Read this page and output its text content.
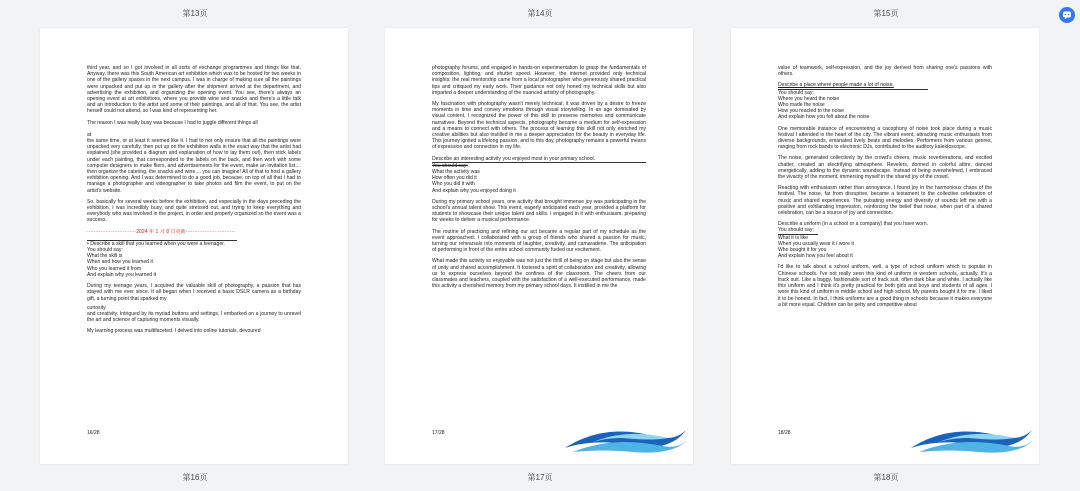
第13页	第14页	第15页

third year, and so I got involved in all sorts of exchange programmes and things like that. Anyway, there was this South American art exhibition which was to be hosted for two weeks in one of the gallery spaces in the next campus. I was in charge of making sure all the paintings were unpacked and put up in the gallery after the shipment arrived at the department, and advertising the exhibition, and organizing the opening event. You see, there's always an opening event at art exhibitions, where you provide wine and snacks and there's a little talk and an introduction to the artist and some of their paintings, and all of that. You see, the artist herself could not attend, so I was kind of representing her.

The reason I was really busy was because I had to juggle different things all

at

the same time, or at least it seemed like it. I had to not only ensure that all the paintings were unpacked very carefully, then put up on the exhibition walls in the exact way that the artist had explained (she provided a diagram and explanation of how to lay them out), then stick labels under each painting, that corresponded to the labels on the back, and then work with some computer designers to make fliers, and advertisements for the event, make an invitation list.... then organize the catering, the snacks and wine.... you can imagine! All of that to host a gallery exhibition opening. And I was determined to do a good job, because, on top of all that I had to manage a photographer and videographer to take photos and film the event, to put on the artist's website.

So, basically for several weeks before the exhibition, and especially in the days preceding the exhibition, I was incredibly busy, and quite stressed out, and trying to keep everything and everybody who was involved in the project, in order and properly organized so the event was a success.

·····························2024 年 1 月 8 日更新·····························
• Describe a skill that you learned when you were a teenager.
You should say:
What the skill is
When and how you learned it
Who you learned it from
And explain why you learned it

During my teenage years, I acquired the valuable skill of photography, a passion that has stayed with me ever since. It all began when I received a basic DSLR camera as a birthday gift, a turning point that sparked my

curiosity

and creativity. Intrigued by its myriad buttons and settings, I embarked on a journey to unravel the art and science of capturing moments visually.

My learning process was multifaceted. I delved into online tutorials, devoured

photography forums, and engaged in hands-on experimentation to grasp the fundamentals of composition, lighting, and shutter speed. However, the internet provided only technical insights; the real mentorship came from a local photographer who generously shared practical tips and critiqued my early work. Their guidance not only honed my technical skills but also imparted a deeper understanding of the nuanced artistry of photography.

My fascination with photography wasn't merely technical; it was driven by a desire to freeze moments in time and convey emotions through visual storytelling. In an age dominated by visual content, I recognized the power of this skill to preserve memories and communicate narratives. Beyond the technical aspects, photography became a medium for self-expression and a means to connect with others. The process of learning this skill not only enriched my creative abilities but also instilled in me a deeper appreciation for the beauty in everyday life. This journey ignited a lifelong passion, and to this day, photography remains a powerful means of expression and connection in my life.

Describe an interesting activity you enjoyed most in your primary school.
You should say:
What the activity was
How often you did it
Who you did it with
And explain why you enjoyed doing it

During my primary school years, one activity that brought immense joy was participating in the school's annual talent show. This event, eagerly anticipated each year, provided a platform for students to showcase their unique talent and skills. I engaged in it with enthusiasm, preparing for weeks to deliver a musical performance.

The routine of practicing and refining our act became a regular part of my schedule as the event approached. I collaborated with a group of friends who shared a passion for music, turning our rehearsals into moments of laughter, creativity, and camaraderie. The anticipation of performing in front of the entire school community fueled our excitement.

What made this activity so enjoyable was not just the thrill of being on stage but also the sense of unity and shared accomplishment. It fostered a spirit of collaboration and creativity, allowing us to express ourselves beyond the confines of the classroom. The cheers from our classmates and teachers, coupled with the satisfaction of a well-executed performance, made this activity a cherished memory from my primary school days. It instilled in me the

17/28

value of teamwork, self-expression, and the joy derived from sharing one's passions with others.

Describe a place where people made a lot of noise.
You should say:
Where you heard the noise
Who made the noise
How you reacted to the noise
And explain how you felt about the noise

One memorable instance of encountering a cacophony of noise took place during a music festival I attended in the heart of the city. The vibrant event, attracting music enthusiasts from diverse backgrounds, emanated lively beats and melodies. Performers from various genres, ranging from rock bands to electronic DJs, contributed to the auditory kaleidoscope.

The noise, generated collectively by the crowd's cheers, music reverberations, and excited chatter, created an electrifying atmosphere. Revelers, donned in colorful attire, danced energetically, adding to the dynamic soundscape. Instead of being overwhelmed, I embraced the vivacity of the moment, immersing myself in the shared joy of the crowd.

Reacting with enthusiasm rather than annoyance, I found joy in the harmonious chaos of the festival. The noise, far from disruptive, became a testament to the collective celebration of music and shared experiences. The pulsating energy and diversity of sounds left me with a positive and exhilarating impression, reinforcing the belief that noise, when part of a shared celebration, can be a source of joy and connection.

Describe a uniform (in a school or a company) that you have worn.
You should say:
What it is like
When you usually wear it / wore it
Who bought it for you
And explain how you feel about it

I'd like to talk about a school uniform, well, a type of school uniform which is popular in Chinese schools. I've not really seen this kind of uniform in western schools, actually. It's a track suit. Like a baggy, fashionable sort of track suit, often dark blue and white. I actually like this uniform and I think it's pretty practical for both girls and boys and students of all ages. I wore this kind of uniform in middle school and high school. My parents bought it for me. I liked it to be honest. In fact, I think uniforms are a good thing in schools because it makes everyone a bit more equal. Children can be petty and competitive about

18/28
16/28
第16页	第17页	第18页
